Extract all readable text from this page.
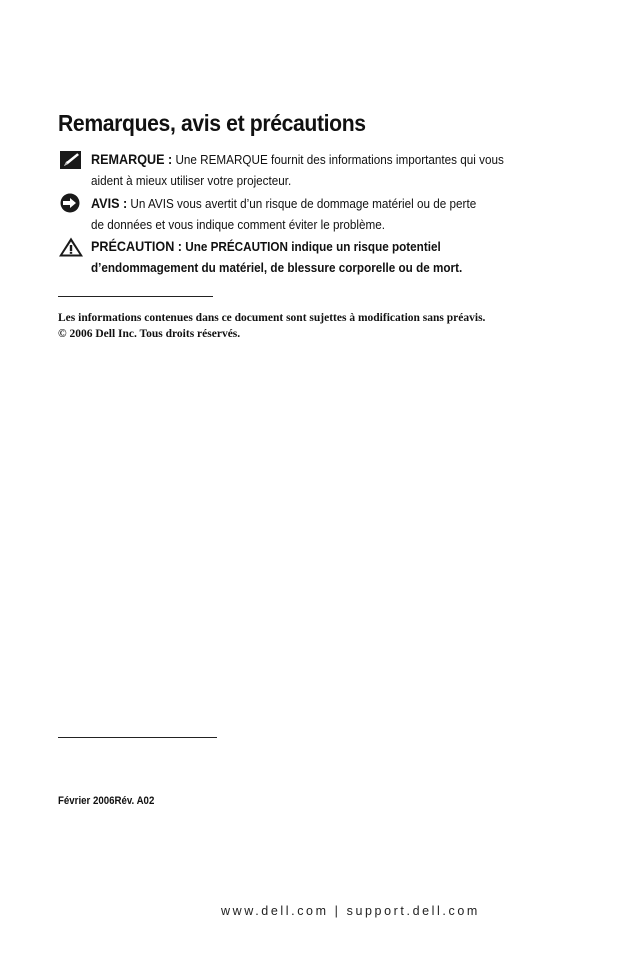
Remarques, avis et précautions
REMARQUE : Une REMARQUE fournit des informations importantes qui vous
aident à mieux utiliser votre projecteur.
AVIS : Un AVIS vous avertit d’un risque de dommage matériel ou de perte
de données et vous indique comment éviter le problème.
PRÉCAUTION : Une PRÉCAUTION indique un risque potentiel
d’endommagement du matériel, de blessure corporelle ou de mort.
Les informations contenues dans ce document sont sujettes à modification sans préavis.
© 2006 Dell Inc. Tous droits réservés.
Février 2006Rév. A02
www.dell.com | support.dell.com
